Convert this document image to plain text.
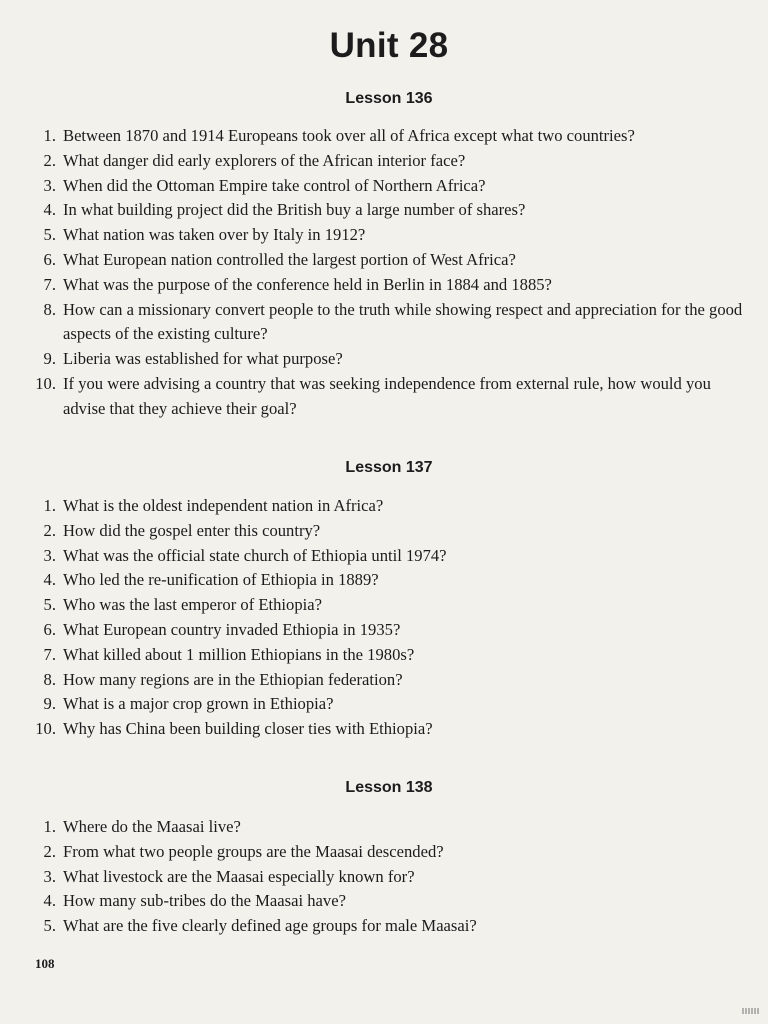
Unit 28
Lesson 136
1. Between 1870 and 1914 Europeans took over all of Africa except what two countries?
2. What danger did early explorers of the African interior face?
3. When did the Ottoman Empire take control of Northern Africa?
4. In what building project did the British buy a large number of shares?
5. What nation was taken over by Italy in 1912?
6. What European nation controlled the largest portion of West Africa?
7. What was the purpose of the conference held in Berlin in 1884 and 1885?
8. How can a missionary convert people to the truth while showing respect and appreciation for the good aspects of the existing culture?
9. Liberia was established for what purpose?
10. If you were advising a country that was seeking independence from external rule, how would you advise that they achieve their goal?
Lesson 137
1. What is the oldest independent nation in Africa?
2. How did the gospel enter this country?
3. What was the official state church of Ethiopia until 1974?
4. Who led the re-unification of Ethiopia in 1889?
5. Who was the last emperor of Ethiopia?
6. What European country invaded Ethiopia in 1935?
7. What killed about 1 million Ethiopians in the 1980s?
8. How many regions are in the Ethiopian federation?
9. What is a major crop grown in Ethiopia?
10. Why has China been building closer ties with Ethiopia?
Lesson 138
1. Where do the Maasai live?
2. From what two people groups are the Maasai descended?
3. What livestock are the Maasai especially known for?
4. How many sub-tribes do the Maasai have?
5. What are the five clearly defined age groups for male Maasai?
108
